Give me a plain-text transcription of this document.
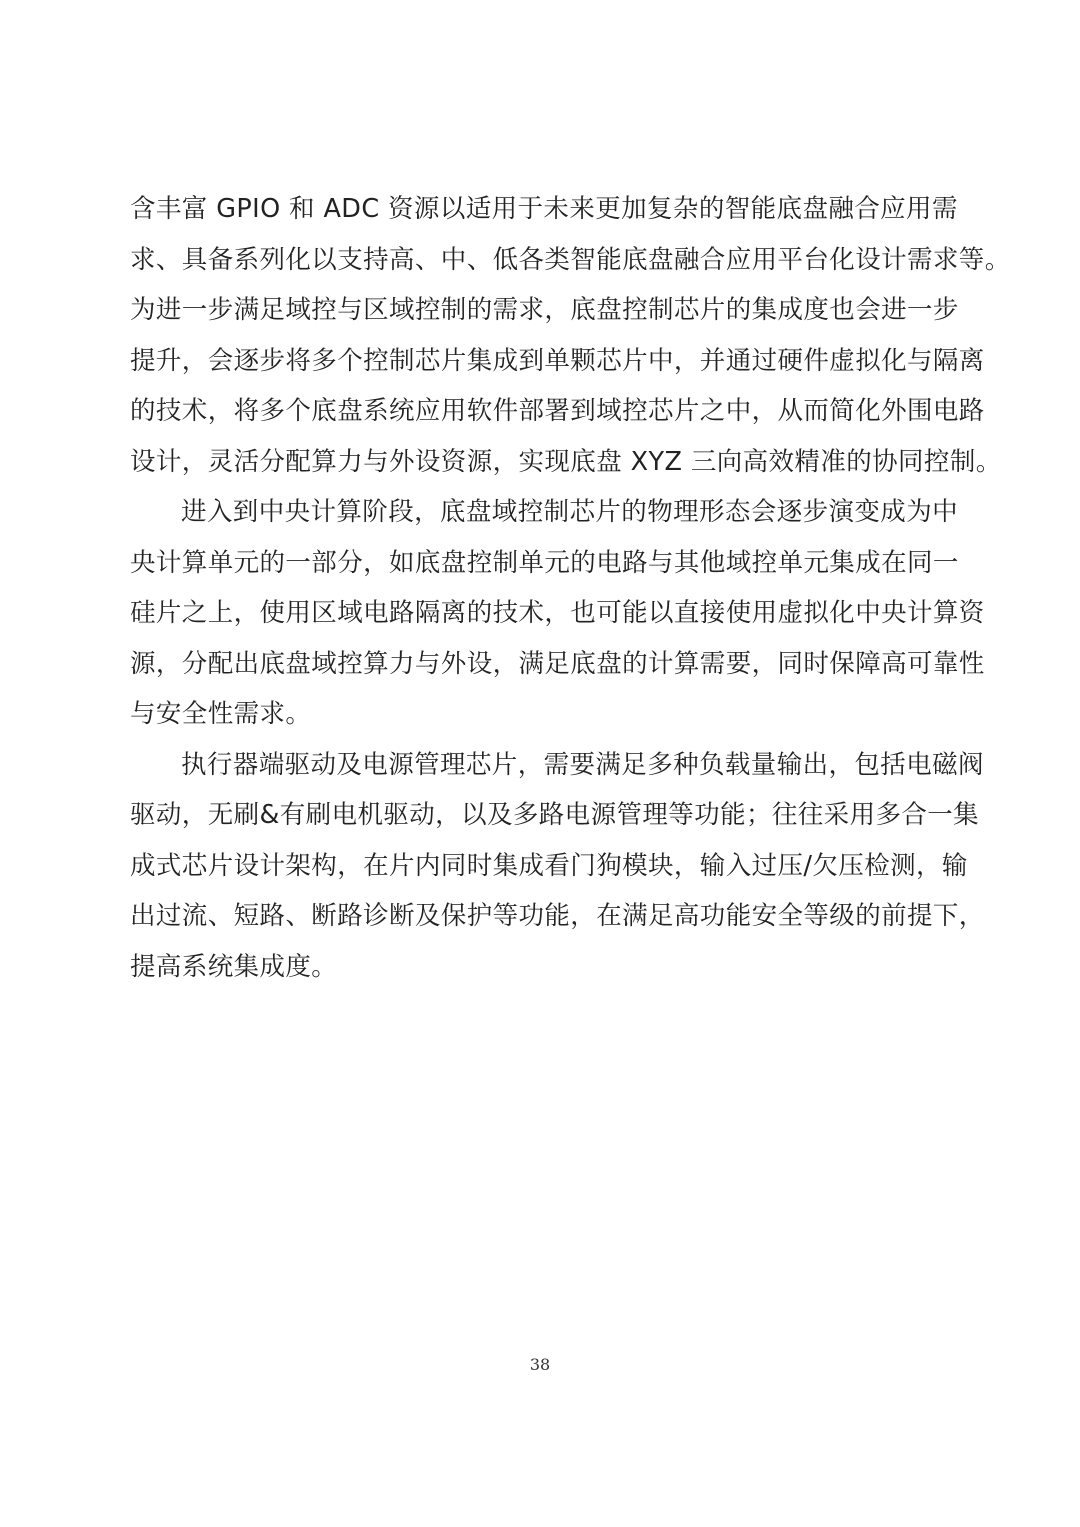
含丰富 GPIO 和 ADC 资源以适用于未来更加复杂的智能底盘融合应用需
求、具备系列化以支持高、中、低各类智能底盘融合应用平台化设计需求等。
为进一步满足域控与区域控制的需求，底盘控制芯片的集成度也会进一步
提升，会逐步将多个控制芯片集成到单颗芯片中，并通过硬件虚拟化与隔离
的技术，将多个底盘系统应用软件部署到域控芯片之中，从而简化外围电路
设计，灵活分配算力与外设资源，实现底盘 XYZ 三向高效精准的协同控制。
进入到中央计算阶段，底盘域控制芯片的物理形态会逐步演变成为中
央计算单元的一部分，如底盘控制单元的电路与其他域控单元集成在同一
硅片之上，使用区域电路隔离的技术，也可能以直接使用虚拟化中央计算资
源，分配出底盘域控算力与外设，满足底盘的计算需要，同时保障高可靠性
与安全性需求。
执行器端驱动及电源管理芯片，需要满足多种负载量输出，包括电磁阀
驱动，无刷&有刷电机驱动，以及多路电源管理等功能；往往采用多合一集
成式芯片设计架构，在片内同时集成看门狗模块，输入过压/欠压检测，输
出过流、短路、断路诊断及保护等功能，在满足高功能安全等级的前提下，
提高系统集成度。
38
